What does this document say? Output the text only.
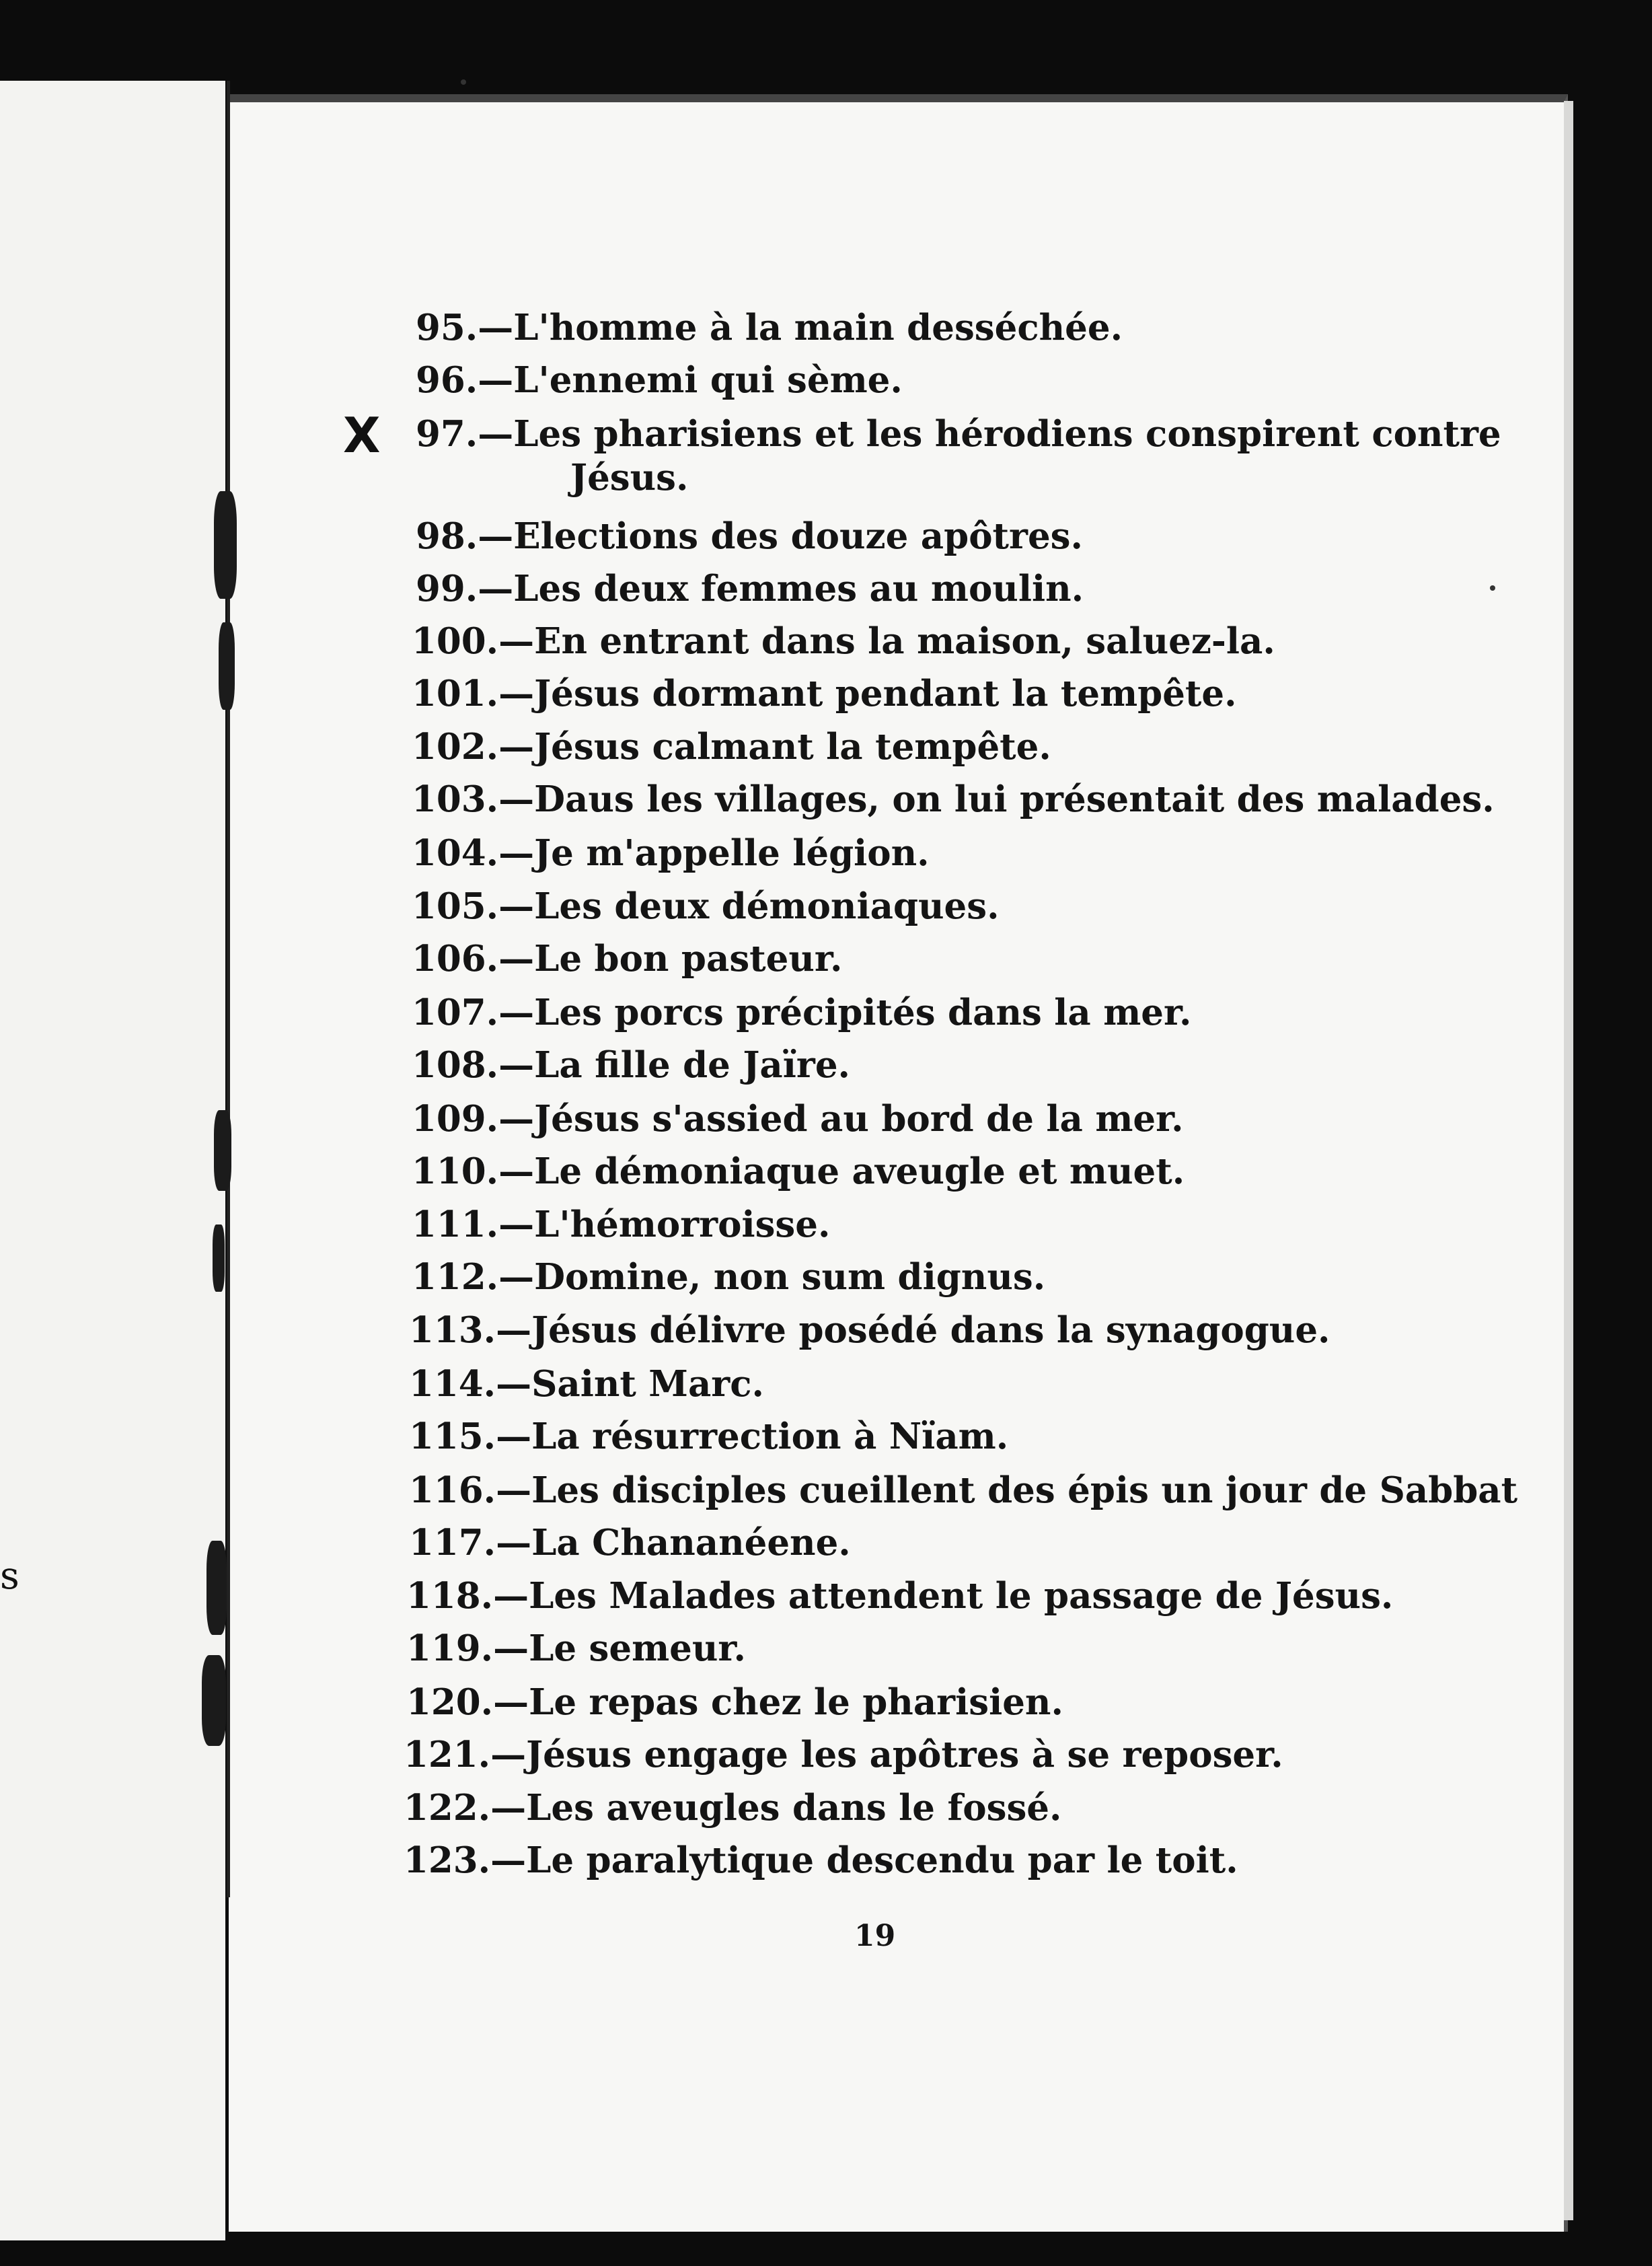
s
X
95.—L'homme à la main desséchée.
96.—L'ennemi qui sème.
97.—Les pharisiens et les hérodiens conspirent contre
Jésus.
98.—Elections des douze apôtres.
99.—Les deux femmes au moulin.
100.—En entrant dans la maison, saluez-la.
101.—Jésus dormant pendant la tempête.
102.—Jésus calmant la tempête.
103.—Daus les villages, on lui présentait des malades.
104.—Je m'appelle légion.
105.—Les deux démoniaques.
106.—Le bon pasteur.
107.—Les porcs précipités dans la mer.
108.—La fille de Jaïre.
109.—Jésus s'assied au bord de la mer.
110.—Le démoniaque aveugle et muet.
111.—L'hémorroisse.
112.—Domine, non sum dignus.
113.—Jésus délivre posédé dans la synagogue.
114.—Saint Marc.
115.—La résurrection à Nïam.
116.—Les disciples cueillent des épis un jour de Sabbat
117.—La Chananéene.
118.—Les Malades attendent le passage de Jésus.
119.—Le semeur.
120.—Le repas chez le pharisien.
121.—Jésus engage les apôtres à se reposer.
122.—Les aveugles dans le fossé.
123.—Le paralytique descendu par le toit.
19
